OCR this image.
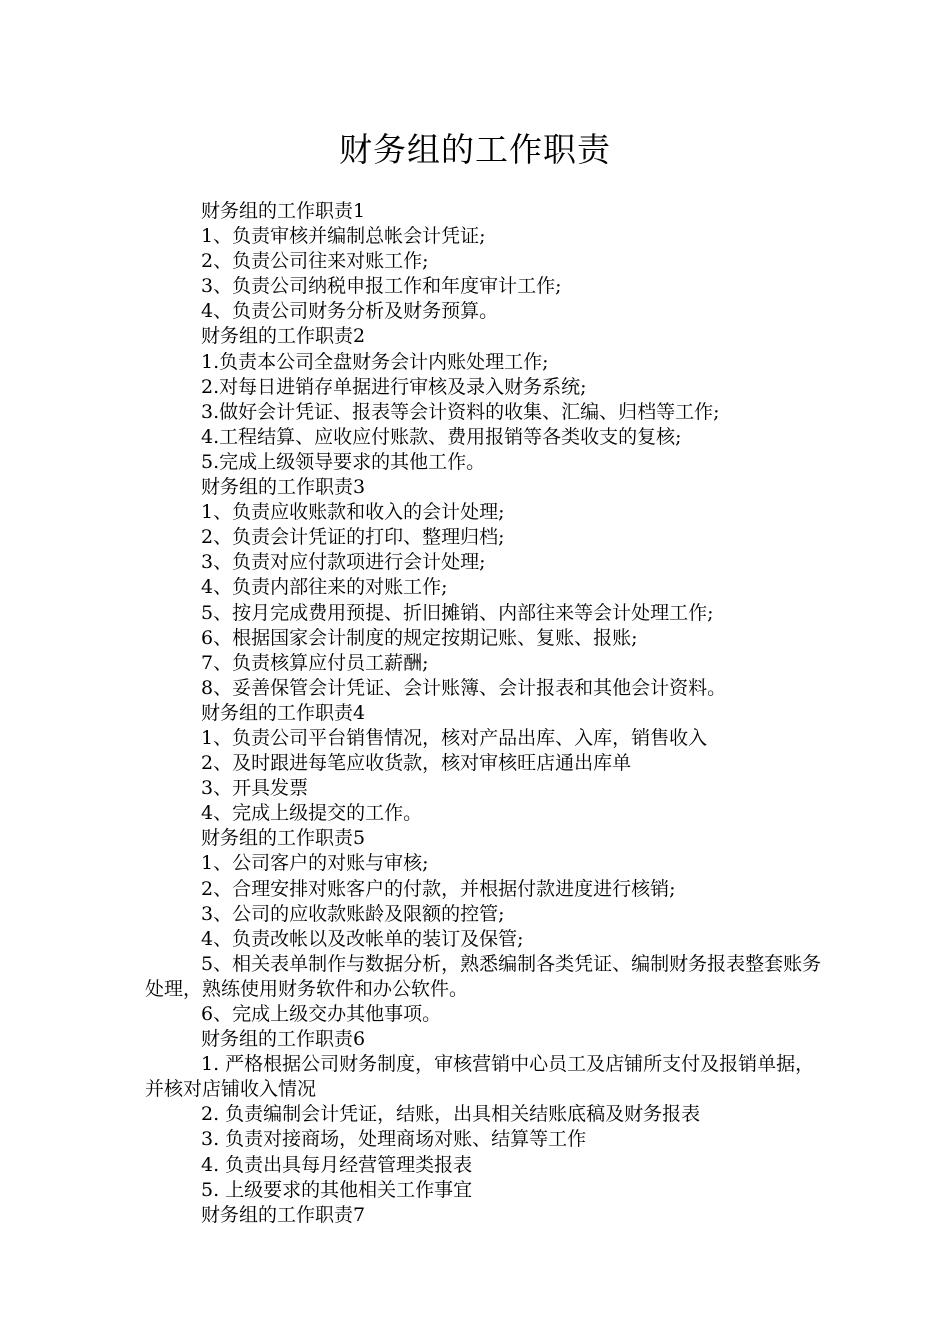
财务组的工作职责
财务组的工作职责1
1、负责审核并编制总帐会计凭证;
2、负责公司往来对账工作;
3、负责公司纳税申报工作和年度审计工作;
4、负责公司财务分析及财务预算。
财务组的工作职责2
1.负责本公司全盘财务会计内账处理工作;
2.对每日进销存单据进行审核及录入财务系统;
3.做好会计凭证、报表等会计资料的收集、汇编、归档等工作;
4.工程结算、应收应付账款、费用报销等各类收支的复核;
5.完成上级领导要求的其他工作。
财务组的工作职责3
1、负责应收账款和收入的会计处理;
2、负责会计凭证的打印、整理归档;
3、负责对应付款项进行会计处理;
4、负责内部往来的对账工作;
5、按月完成费用预提、折旧摊销、内部往来等会计处理工作;
6、根据国家会计制度的规定按期记账、复账、报账;
7、负责核算应付员工薪酬;
8、妥善保管会计凭证、会计账簿、会计报表和其他会计资料。
财务组的工作职责4
1、负责公司平台销售情况，核对产品出库、入库，销售收入
2、及时跟进每笔应收货款，核对审核旺店通出库单
3、开具发票
4、完成上级提交的工作。
财务组的工作职责5
1、公司客户的对账与审核;
2、合理安排对账客户的付款，并根据付款进度进行核销;
3、公司的应收款账龄及限额的控管;
4、负责改帐以及改帐单的装订及保管;
5、相关表单制作与数据分析，熟悉编制各类凭证、编制财务报表整套账务处理，熟练使用财务软件和办公软件。
6、完成上级交办其他事项。
财务组的工作职责6
1. 严格根据公司财务制度，审核营销中心员工及店铺所支付及报销单据，并核对店铺收入情况
2. 负责编制会计凭证，结账，出具相关结账底稿及财务报表
3. 负责对接商场，处理商场对账、结算等工作
4. 负责出具每月经营管理类报表
5. 上级要求的其他相关工作事宜
财务组的工作职责7
